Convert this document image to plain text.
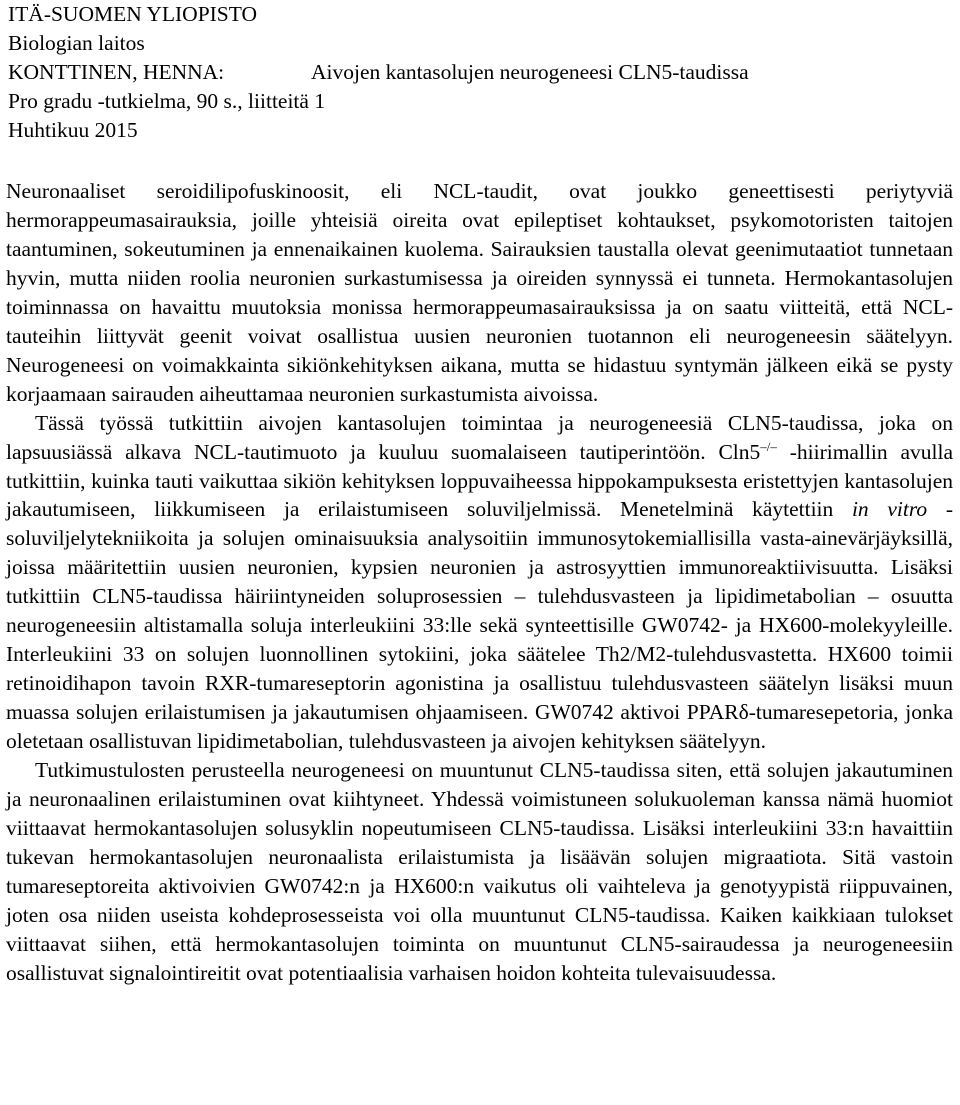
ITÄ-SUOMEN YLIOPISTO
Biologian laitos
KONTTINEN, HENNA:	Aivojen kantasolujen neurogeneesi CLN5-taudissa
Pro gradu -tutkielma, 90 s., liitteitä 1
Huhtikuu 2015

Neuronaaliset seroidilipofuskinoosit, eli NCL-taudit, ovat joukko geneettisesti periytyviä hermorappeumasairauksia, joille yhteisiä oireita ovat epileptiset kohtaukset, psykomotoristen taitojen taantuminen, sokeutuminen ja ennenaikainen kuolema. Sairauksien taustalla olevat geenimutaatiot tunnetaan hyvin, mutta niiden roolia neuronien surkastumisessa ja oireiden synnyssä ei tunneta. Hermokantasolujen toiminnassa on havaittu muutoksia monissa hermorappeumasairauksissa ja on saatu viitteitä, että NCL-tauteihin liittyvät geenit voivat osallistua uusien neuronien tuotannon eli neurogeneesin säätelyyn. Neurogeneesi on voimakkainta sikiönkehityksen aikana, mutta se hidastuu syntymän jälkeen eikä se pysty korjaamaan sairauden aiheuttamaa neuronien surkastumista aivoissa.

Tässä työssä tutkittiin aivojen kantasolujen toimintaa ja neurogeneesiä CLN5-taudissa, joka on lapsuusiässä alkava NCL-tautimuoto ja kuuluu suomalaiseen tautiperintöön. Cln5–/– -hiirimallin avulla tutkittiin, kuinka tauti vaikuttaa sikiön kehityksen loppuvaiheessa hippokampuksesta eristettyjen kantasolujen jakautumiseen, liikkumiseen ja erilaistumiseen soluviljelmissä. Menetelminä käytettiin in vitro -soluviljelytekniikoita ja solujen ominaisuuksia analysoitiin immunosytokemiallisilla vasta-ainevärjäyksillä, joissa määritettiin uusien neuronien, kypsien neuronien ja astrosyyttien immunoreaktiivisuutta. Lisäksi tutkittiin CLN5-taudissa häiriintyneiden soluprosessien – tulehdusvasteen ja lipidimetabolian – osuutta neurogeneesiin altistamalla soluja interleukiini 33:lle sekä synteettisille GW0742- ja HX600-molekyyleille. Interleukiini 33 on solujen luonnollinen sytokiini, joka säätelee Th2/M2-tulehdusvastetta. HX600 toimii retinoidihapon tavoin RXR-tumareseptorin agonistina ja osallistuu tulehdusvasteen säätelyn lisäksi muun muassa solujen erilaistumisen ja jakautumisen ohjaamiseen. GW0742 aktivoi PPARδ-tumaresepetoria, jonka oletetaan osallistuvan lipidimetabolian, tulehdusvasteen ja aivojen kehityksen säätelyyn.

Tutkimustulosten perusteella neurogeneesi on muuntunut CLN5-taudissa siten, että solujen jakautuminen ja neuronaalinen erilaistuminen ovat kiihtyneet. Yhdessä voimistuneen solukuoleman kanssa nämä huomiot viittaavat hermokantasolujen solusyklin nopeutumiseen CLN5-taudissa. Lisäksi interleukiini 33:n havaittiin tukevan hermokantasolujen neuronaalista erilaistumista ja lisäävän solujen migraatiota. Sitä vastoin tumareseptoreita aktivoivien GW0742:n ja HX600:n vaikutus oli vaihteleva ja genotyypistä riippuvainen, joten osa niiden useista kohdeprosesseista voi olla muuntunut CLN5-taudissa. Kaiken kaikkiaan tulokset viittaavat siihen, että hermokantasolujen toiminta on muuntunut CLN5-sairaudessa ja neurogeneesiin osallistuvat signalointireitit ovat potentiaalisia varhaisen hoidon kohteita tulevaisuudessa.
